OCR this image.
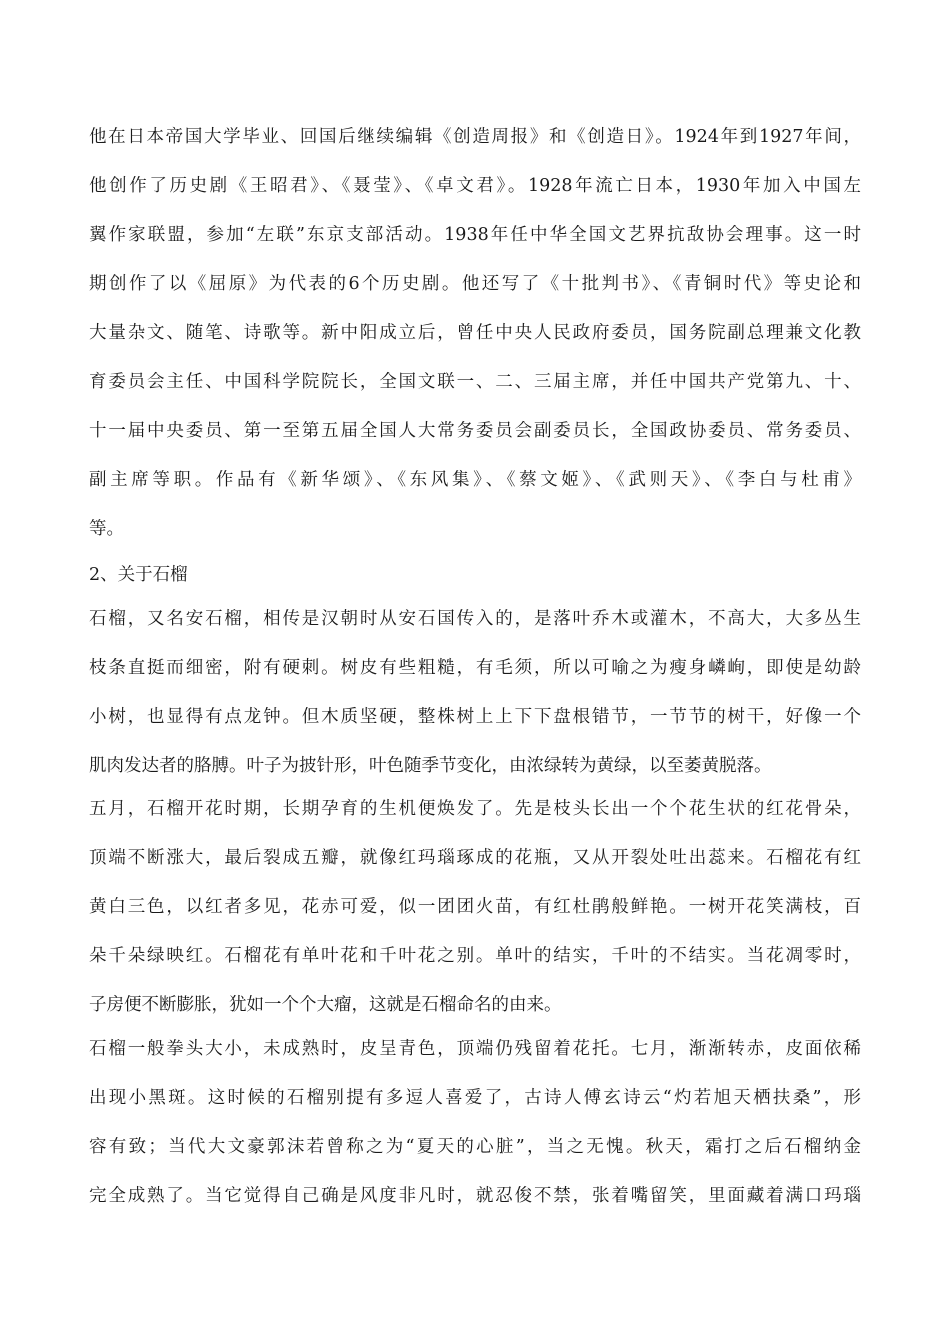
他在日本帝国大学毕业、回国后继续编辑《创造周报》和《创造日》。1924年到1927年间，
他创作了历史剧《王昭君》、《聂莹》、《卓文君》。1928年流亡日本，1930年加入中国左
翼作家联盟，参加“左联”东京支部活动。1938年任中华全国文艺界抗敌协会理事。这一时
期创作了以《屈原》为代表的6个历史剧。他还写了《十批判书》、《青铜时代》等史论和
大量杂文、随笔、诗歌等。新中阳成立后，曾任中央人民政府委员，国务院副总理兼文化教
育委员会主任、中国科学院院长，全国文联一、二、三届主席，并任中国共产党第九、十、
十一届中央委员、第一至第五届全国人大常务委员会副委员长，全国政协委员、常务委员、
副主席等职。作品有《新华颂》、《东风集》、《蔡文姬》、《武则天》、《李白与杜甫》
等。
2、关于石榴
石榴，又名安石榴，相传是汉朝时从安石国传入的，是落叶乔木或灌木，不高大，大多丛生
枝条直挺而细密，附有硬刺。树皮有些粗糙，有毛须，所以可喻之为瘦身嶙峋，即使是幼龄
小树，也显得有点龙钟。但木质坚硬，整株树上上下下盘根错节，一节节的树干，好像一个
肌肉发达者的胳膊。叶子为披针形，叶色随季节变化，由浓绿转为黄绿，以至萎黄脱落。
五月，石榴开花时期，长期孕育的生机便焕发了。先是枝头长出一个个花生状的红花骨朵，
顶端不断涨大，最后裂成五瓣，就像红玛瑙琢成的花瓶，又从开裂处吐出蕊来。石榴花有红
黄白三色，以红者多见，花赤可爱，似一团团火苗，有红杜鹃般鲜艳。一树开花笑满枝，百
朵千朵绿映红。石榴花有单叶花和千叶花之别。单叶的结实，千叶的不结实。当花凋零时，
子房便不断膨胀，犹如一个个大瘤，这就是石榴命名的由来。
石榴一般拳头大小，未成熟时，皮呈青色，顶端仍残留着花托。七月，渐渐转赤，皮面依稀
出现小黑斑。这时候的石榴别提有多逗人喜爱了，古诗人傅玄诗云“灼若旭天栖扶桑”，形
容有致；当代大文豪郭沫若曾称之为“夏天的心脏”，当之无愧。秋天，霜打之后石榴纳金
完全成熟了。当它觉得自己确是风度非凡时，就忍俊不禁，张着嘴留笑，里面藏着满口玛瑙
